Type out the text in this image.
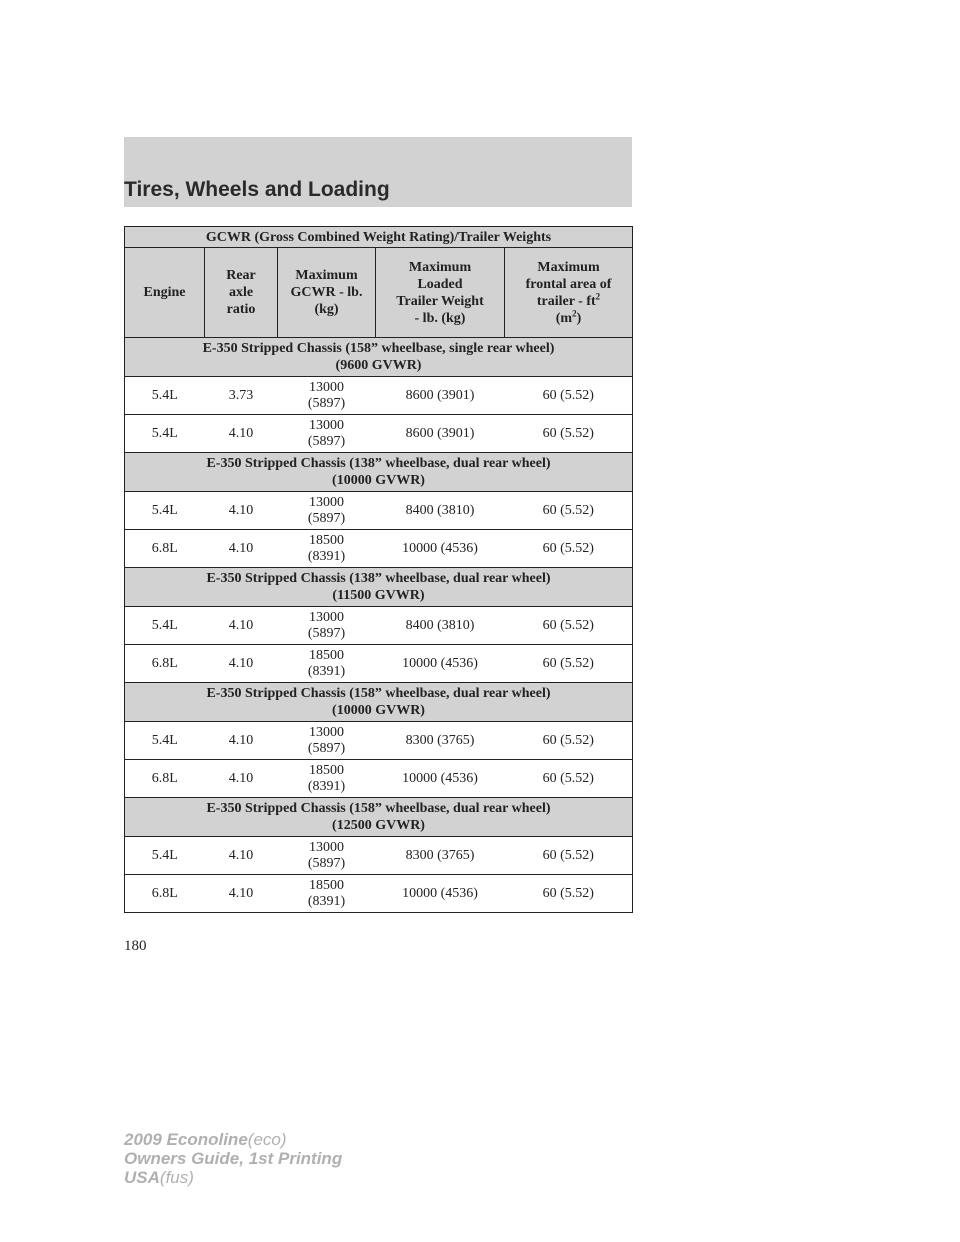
Tires, Wheels and Loading
GCWR (Gross Combined Weight Rating)/Trailer Weights				
Engine	Rear
axle
ratio	Maximum
GCWR - lb.
(kg)	Maximum
Loaded
Trailer Weight
- lb. (kg)	Maximum
frontal area of
trailer - $ft^2$
$(m^2)$
E-350 Stripped Chassis (158” wheelbase, single rear wheel)
(9600 GVWR)				
5.4L	3.73	13000
(5897)	8600 (3901)	60 (5.52)
5.4L	4.10	13000
(5897)	8600 (3901)	60 (5.52)
E-350 Stripped Chassis (138” wheelbase, dual rear wheel)
(10000 GVWR)				
5.4L	4.10	13000
(5897)	8400 (3810)	60 (5.52)
6.8L	4.10	18500
(8391)	10000 (4536)	60 (5.52)
E-350 Stripped Chassis (138” wheelbase, dual rear wheel)
(11500 GVWR)				
5.4L	4.10	13000
(5897)	8400 (3810)	60 (5.52)
6.8L	4.10	18500
(8391)	10000 (4536)	60 (5.52)
E-350 Stripped Chassis (158” wheelbase, dual rear wheel)
(10000 GVWR)				
5.4L	4.10	13000
(5897)	8300 (3765)	60 (5.52)
6.8L	4.10	18500
(8391)	10000 (4536)	60 (5.52)
E-350 Stripped Chassis (158” wheelbase, dual rear wheel)
(12500 GVWR)				
5.4L	4.10	13000
(5897)	8300 (3765)	60 (5.52)
6.8L	4.10	18500
(8391)	10000 (4536)	60 (5.52)
180
2009 Econoline(eco)
Owners Guide, 1st Printing
USA(fus)
